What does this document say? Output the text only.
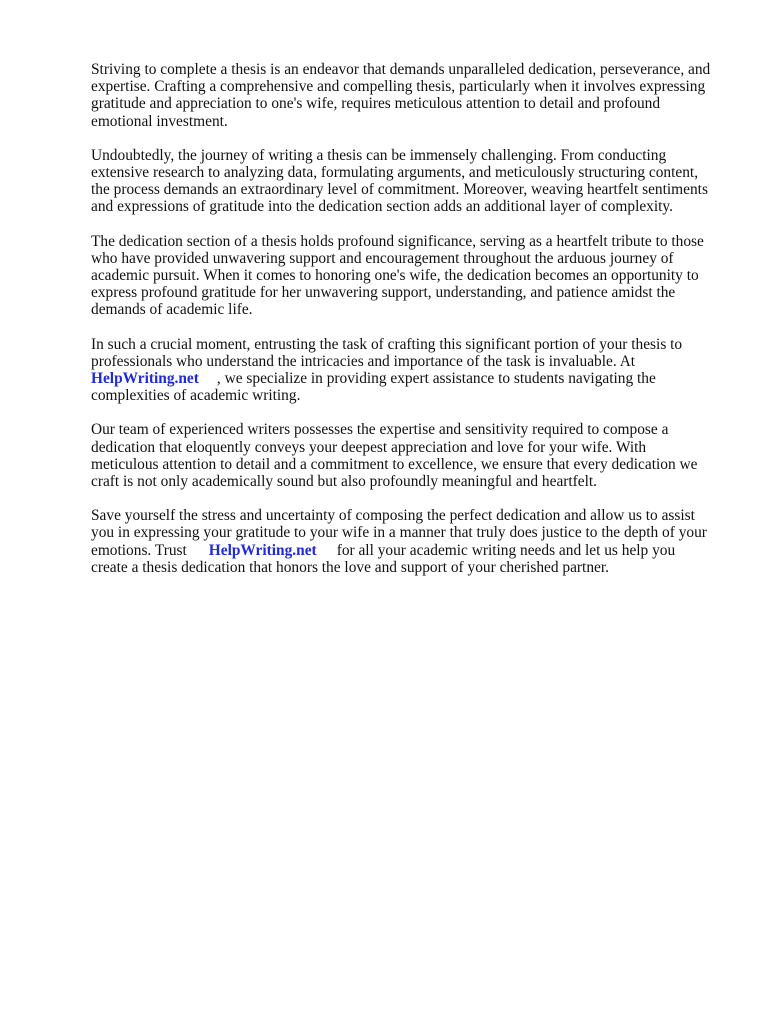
Striving to complete a thesis is an endeavor that demands unparalleled dedication, perseverance, and
expertise. Crafting a comprehensive and compelling thesis, particularly when it involves expressing
gratitude and appreciation to one's wife, requires meticulous attention to detail and profound
emotional investment.

Undoubtedly, the journey of writing a thesis can be immensely challenging. From conducting
extensive research to analyzing data, formulating arguments, and meticulously structuring content,
the process demands an extraordinary level of commitment. Moreover, weaving heartfelt sentiments
and expressions of gratitude into the dedication section adds an additional layer of complexity.

The dedication section of a thesis holds profound significance, serving as a heartfelt tribute to those
who have provided unwavering support and encouragement throughout the arduous journey of
academic pursuit. When it comes to honoring one's wife, the dedication becomes an opportunity to
express profound gratitude for her unwavering support, understanding, and patience amidst the
demands of academic life.

In such a crucial moment, entrusting the task of crafting this significant portion of your thesis to
professionals who understand the intricacies and importance of the task is invaluable. At
HelpWriting.net , we specialize in providing expert assistance to students navigating the
complexities of academic writing.

Our team of experienced writers possesses the expertise and sensitivity required to compose a
dedication that eloquently conveys your deepest appreciation and love for your wife. With
meticulous attention to detail and a commitment to excellence, we ensure that every dedication we
craft is not only academically sound but also profoundly meaningful and heartfelt.

Save yourself the stress and uncertainty of composing the perfect dedication and allow us to assist
you in expressing your gratitude to your wife in a manner that truly does justice to the depth of your
emotions. Trust HelpWriting.net for all your academic writing needs and let us help you
create a thesis dedication that honors the love and support of your cherished partner.
